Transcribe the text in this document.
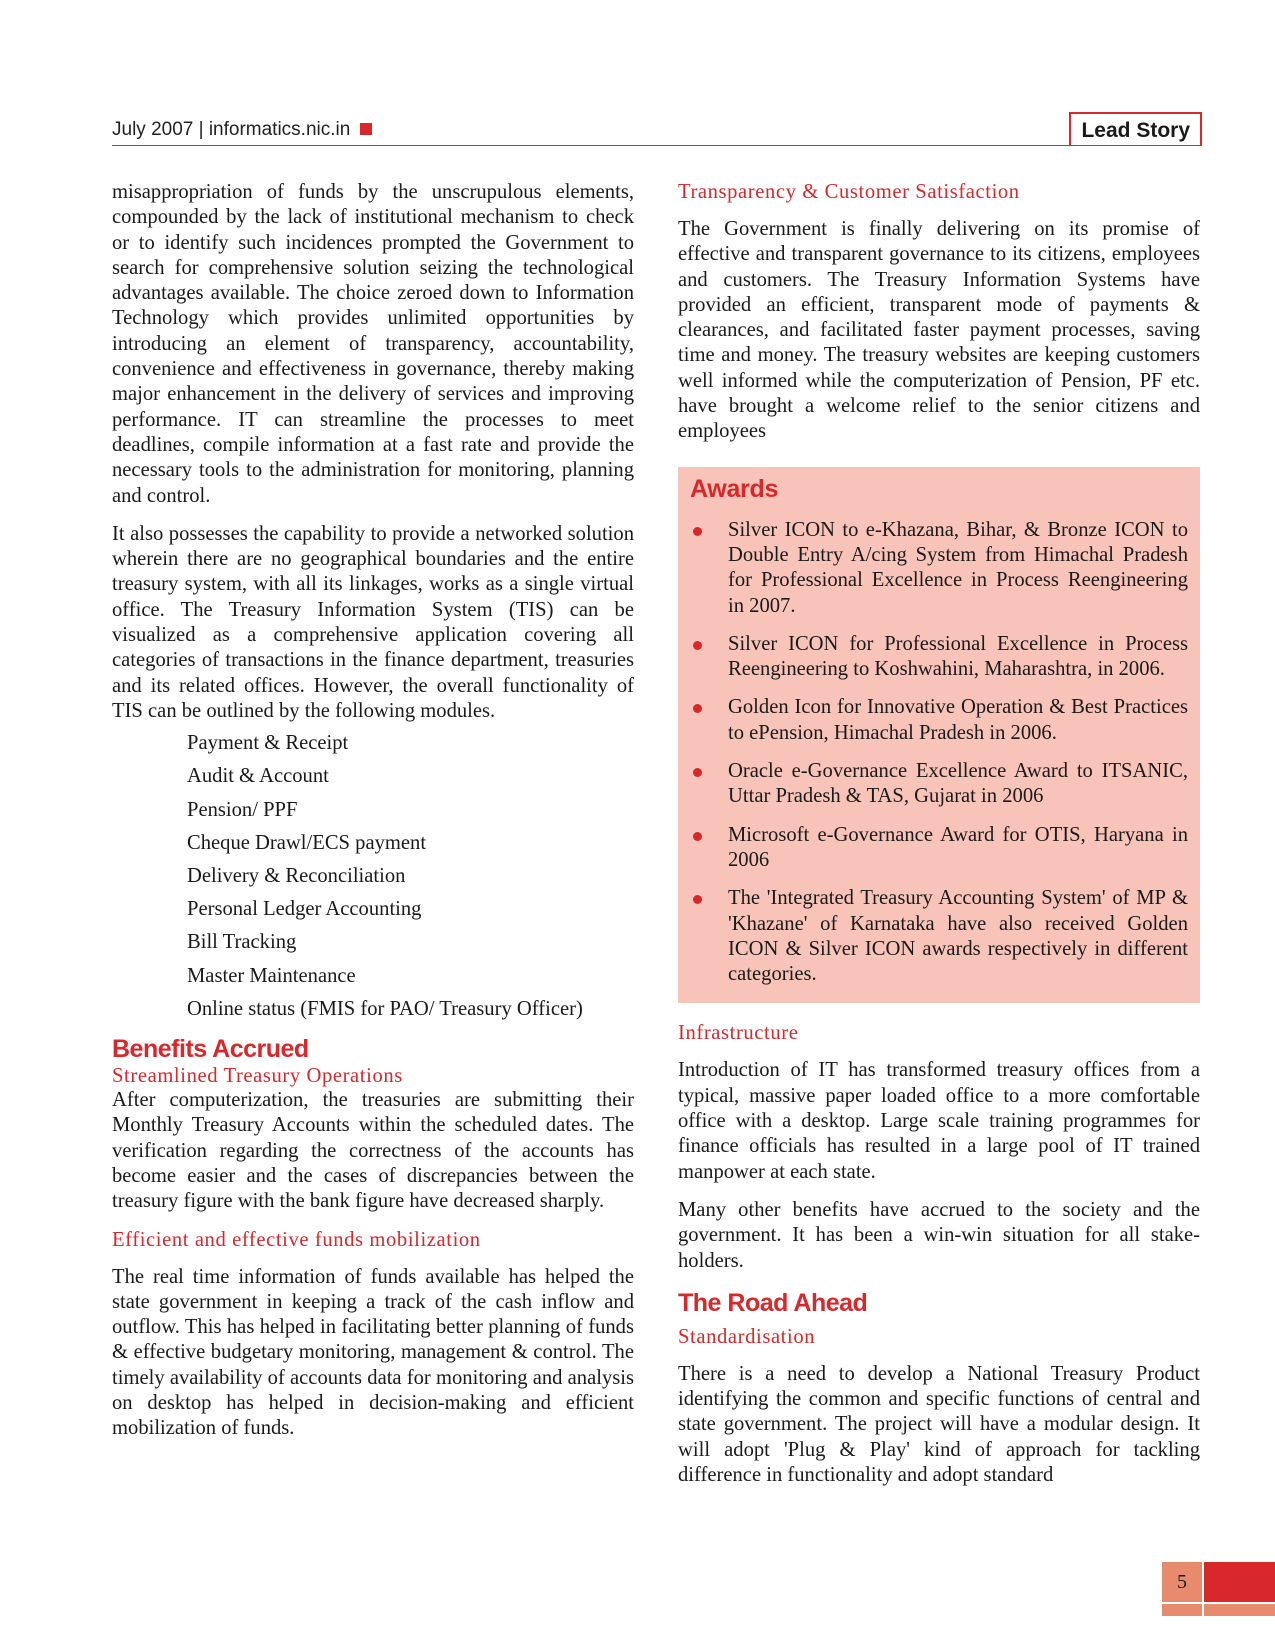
July 2007 | informatics.nic.in	Lead Story

misappropriation of funds by the unscrupulous elements, compounded by the lack of institutional mechanism to check or to identify such incidences prompted the Government to search for comprehensive solution seizing the technological advantages available. The choice zeroed down to Information Technology which provides unlimited opportunities by introducing an element of transparency, accountability, convenience and effectiveness in governance, thereby making major enhancement in the delivery of services and improving performance. IT can streamline the processes to meet deadlines, compile information at a fast rate and provide the necessary tools to the administration for monitoring, planning and control.

It also possesses the capability to provide a networked solution wherein there are no geographical boundaries and the entire treasury system, with all its linkages, works as a single virtual office. The Treasury Information System (TIS) can be visualized as a comprehensive application covering all categories of transactions in the finance department, treasuries and its related offices. However, the overall functionality of TIS can be outlined by the following modules.

Payment & Receipt
Audit & Account
Pension/ PPF
Cheque Drawl/ECS payment
Delivery & Reconciliation
Personal Ledger Accounting
Bill Tracking
Master Maintenance
Online status (FMIS for PAO/ Treasury Officer)
Benefits Accrued

Streamlined Treasury Operations

After computerization, the treasuries are submitting their Monthly Treasury Accounts within the scheduled dates. The verification regarding the correctness of the accounts has become easier and the cases of discrepancies between the treasury figure with the bank figure have decreased sharply.

Efficient and effective funds mobilization

The real time information of funds available has helped the state government in keeping a track of the cash inflow and outflow. This has helped in facilitating better planning of funds & effective budgetary monitoring, management & control. The timely availability of accounts data for monitoring and analysis on desktop has helped in decision-making and efficient mobilization of funds.

Transparency & Customer Satisfaction

The Government is finally delivering on its promise of effective and transparent governance to its citizens, employees and customers. The Treasury Information Systems have provided an efficient, transparent mode of payments & clearances, and facilitated faster payment processes, saving time and money. The treasury websites are keeping customers well informed while the computerization of Pension, PF etc. have brought a welcome relief to the senior citizens and employees

Awards
Silver ICON to e-Khazana, Bihar, & Bronze ICON to Double Entry A/cing System from Himachal Pradesh for Professional Excellence in Process Reengineering in 2007.
Silver ICON for Professional Excellence in Process Reengineering to Koshwahini, Maharashtra, in 2006.
Golden Icon for Innovative Operation & Best Practices to ePension, Himachal Pradesh in 2006.
Oracle e-Governance Excellence Award to ITSANIC, Uttar Pradesh & TAS, Gujarat in 2006
Microsoft e-Governance Award for OTIS, Haryana in 2006
The 'Integrated Treasury Accounting System' of MP & 'Khazane' of Karnataka have also received Golden ICON & Silver ICON awards respectively in different categories.

Infrastructure

Introduction of IT has transformed treasury offices from a typical, massive paper loaded office to a more comfortable office with a desktop. Large scale training programmes for finance officials has resulted in a large pool of IT trained manpower at each state.

Many other benefits have accrued to the society and the government. It has been a win-win situation for all stake-holders.

The Road Ahead

Standardisation

There is a need to develop a National Treasury Product identifying the common and specific functions of central and state government. The project will have a modular design. It will adopt 'Plug & Play' kind of approach for tackling difference in functionality and adopt standard

5
